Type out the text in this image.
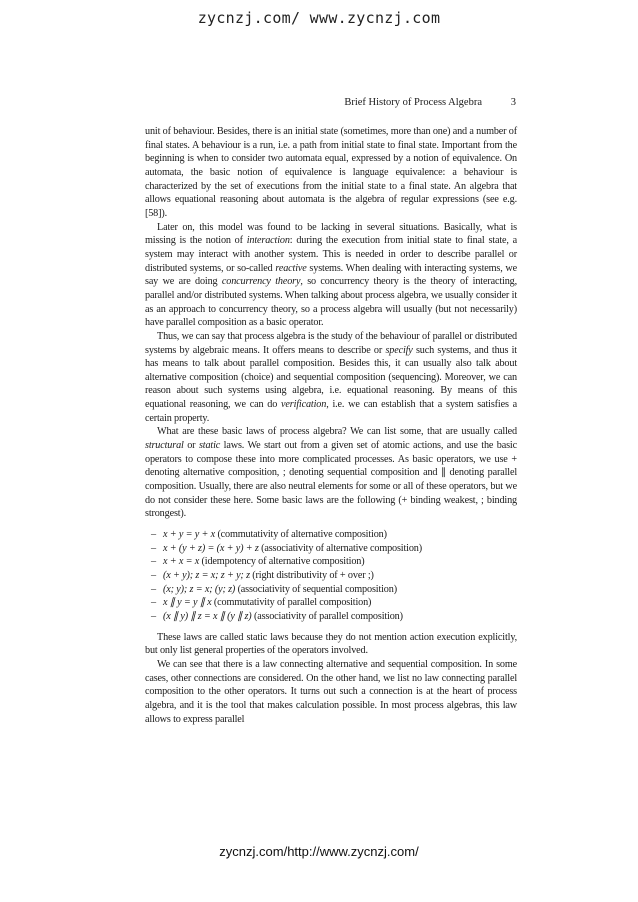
zycnzj.com/ www.zycnzj.com
Brief History of Process Algebra	3

unit of behaviour. Besides, there is an initial state (sometimes, more than one) and a number of final states. A behaviour is a run, i.e. a path from initial state to final state. Important from the beginning is when to consider two automata equal, expressed by a notion of equivalence. On automata, the basic notion of equivalence is language equivalence: a behaviour is characterized by the set of executions from the initial state to a final state. An algebra that allows equational reasoning about automata is the algebra of regular expressions (see e.g. [58]).

Later on, this model was found to be lacking in several situations. Basically, what is missing is the notion of interaction: during the execution from initial state to final state, a system may interact with another system. This is needed in order to describe parallel or distributed systems, or so-called reactive systems. When dealing with interacting systems, we say we are doing concurrency theory, so concurrency theory is the theory of interacting, parallel and/or distributed systems. When talking about process algebra, we usually consider it as an approach to concurrency theory, so a process algebra will usually (but not necessarily) have parallel composition as a basic operator.

Thus, we can say that process algebra is the study of the behaviour of parallel or distributed systems by algebraic means. It offers means to describe or specify such systems, and thus it has means to talk about parallel composition. Besides this, it can usually also talk about alternative composition (choice) and sequential composition (sequencing). Moreover, we can reason about such systems using algebra, i.e. equational reasoning. By means of this equational reasoning, we can do verification, i.e. we can establish that a system satisfies a certain property.

What are these basic laws of process algebra? We can list some, that are usually called structural or static laws. We start out from a given set of atomic actions, and use the basic operators to compose these into more complicated processes. As basic operators, we use + denoting alternative composition, ; denoting sequential composition and ∥ denoting parallel composition. Usually, there are also neutral elements for some or all of these operators, but we do not consider these here. Some basic laws are the following (+ binding weakest, ; binding strongest).

– x + y = y + x (commutativity of alternative composition)
– x + (y + z) = (x + y) + z (associativity of alternative composition)
– x + x = x (idempotency of alternative composition)
– (x + y); z = x; z + y; z (right distributivity of + over ;)
– (x; y); z = x; (y; z) (associativity of sequential composition)
– x ∥ y = y ∥ x (commutativity of parallel composition)
– (x ∥ y) ∥ z = x ∥ (y ∥ z) (associativity of parallel composition)

These laws are called static laws because they do not mention action execution explicitly, but only list general properties of the operators involved.

We can see that there is a law connecting alternative and sequential composition. In some cases, other connections are considered. On the other hand, we list no law connecting parallel composition to the other operators. It turns out such a connection is at the heart of process algebra, and it is the tool that makes calculation possible. In most process algebras, this law allows to express parallel

zycnzj.com/http://www.zycnzj.com/
